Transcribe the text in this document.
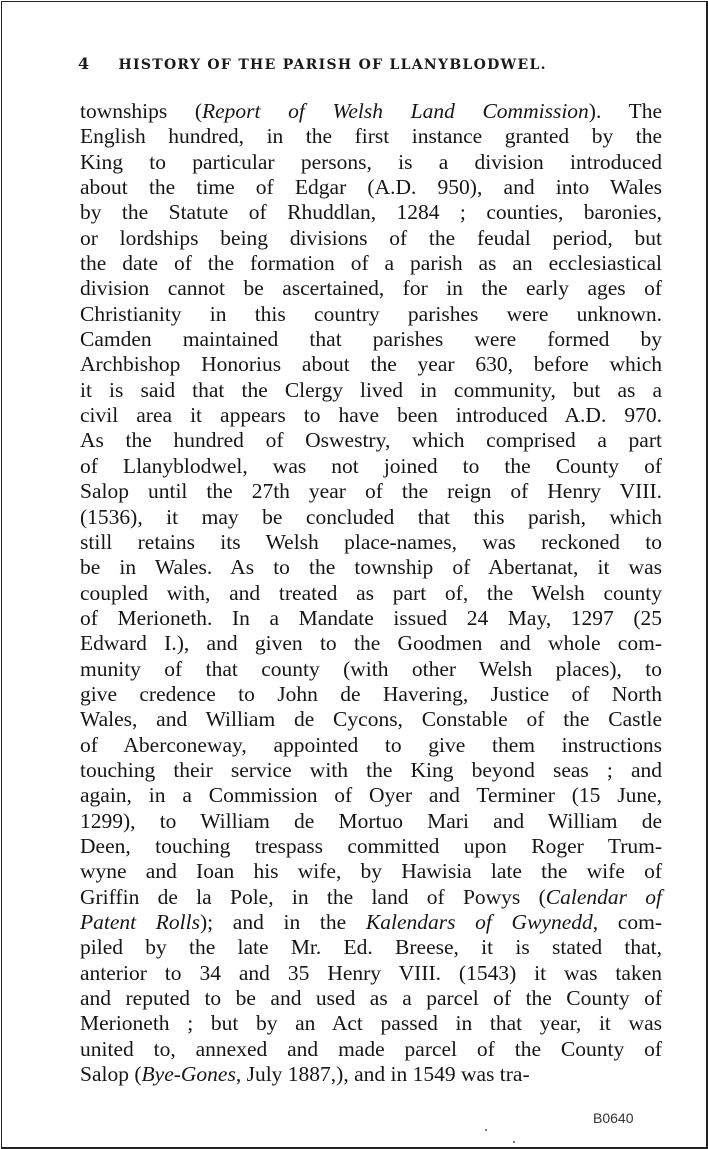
4 HISTORY OF THE PARISH OF LLANYBLODWEL.
townships (Report of Welsh Land Commission). The
English hundred, in the first instance granted by the
King to particular persons, is a division introduced
about the time of Edgar (A.D. 950), and into Wales
by the Statute of Rhuddlan, 1284 ; counties, baronies,
or lordships being divisions of the feudal period, but
the date of the formation of a parish as an ecclesiastical
division cannot be ascertained, for in the early ages of
Christianity in this country parishes were unknown.
Camden maintained that parishes were formed by
Archbishop Honorius about the year 630, before which
it is said that the Clergy lived in community, but as a
civil area it appears to have been introduced A.D. 970.
As the hundred of Oswestry, which comprised a part
of Llanyblodwel, was not joined to the County of
Salop until the 27th year of the reign of Henry VIII.
(1536), it may be concluded that this parish, which
still retains its Welsh place-names, was reckoned to
be in Wales. As to the township of Abertanat, it was
coupled with, and treated as part of, the Welsh county
of Merioneth. In a Mandate issued 24 May, 1297 (25
Edward I.), and given to the Goodmen and whole com-
munity of that county (with other Welsh places), to
give credence to John de Havering, Justice of North
Wales, and William de Cycons, Constable of the Castle
of Aberconeway, appointed to give them instructions
touching their service with the King beyond seas ; and
again, in a Commission of Oyer and Terminer (15 June,
1299), to William de Mortuo Mari and William de
Deen, touching trespass committed upon Roger Trum-
wyne and Ioan his wife, by Hawisia late the wife of
Griffin de la Pole, in the land of Powys (Calendar of
Patent Rolls); and in the Kalendars of Gwynedd, com-
piled by the late Mr. Ed. Breese, it is stated that,
anterior to 34 and 35 Henry VIII. (1543) it was taken
and reputed to be and used as a parcel of the County of
Merioneth ; but by an Act passed in that year, it was
united to, annexed and made parcel of the County of
Salop (Bye-Gones, July 1887,), and in 1549 was tra-
B0640
